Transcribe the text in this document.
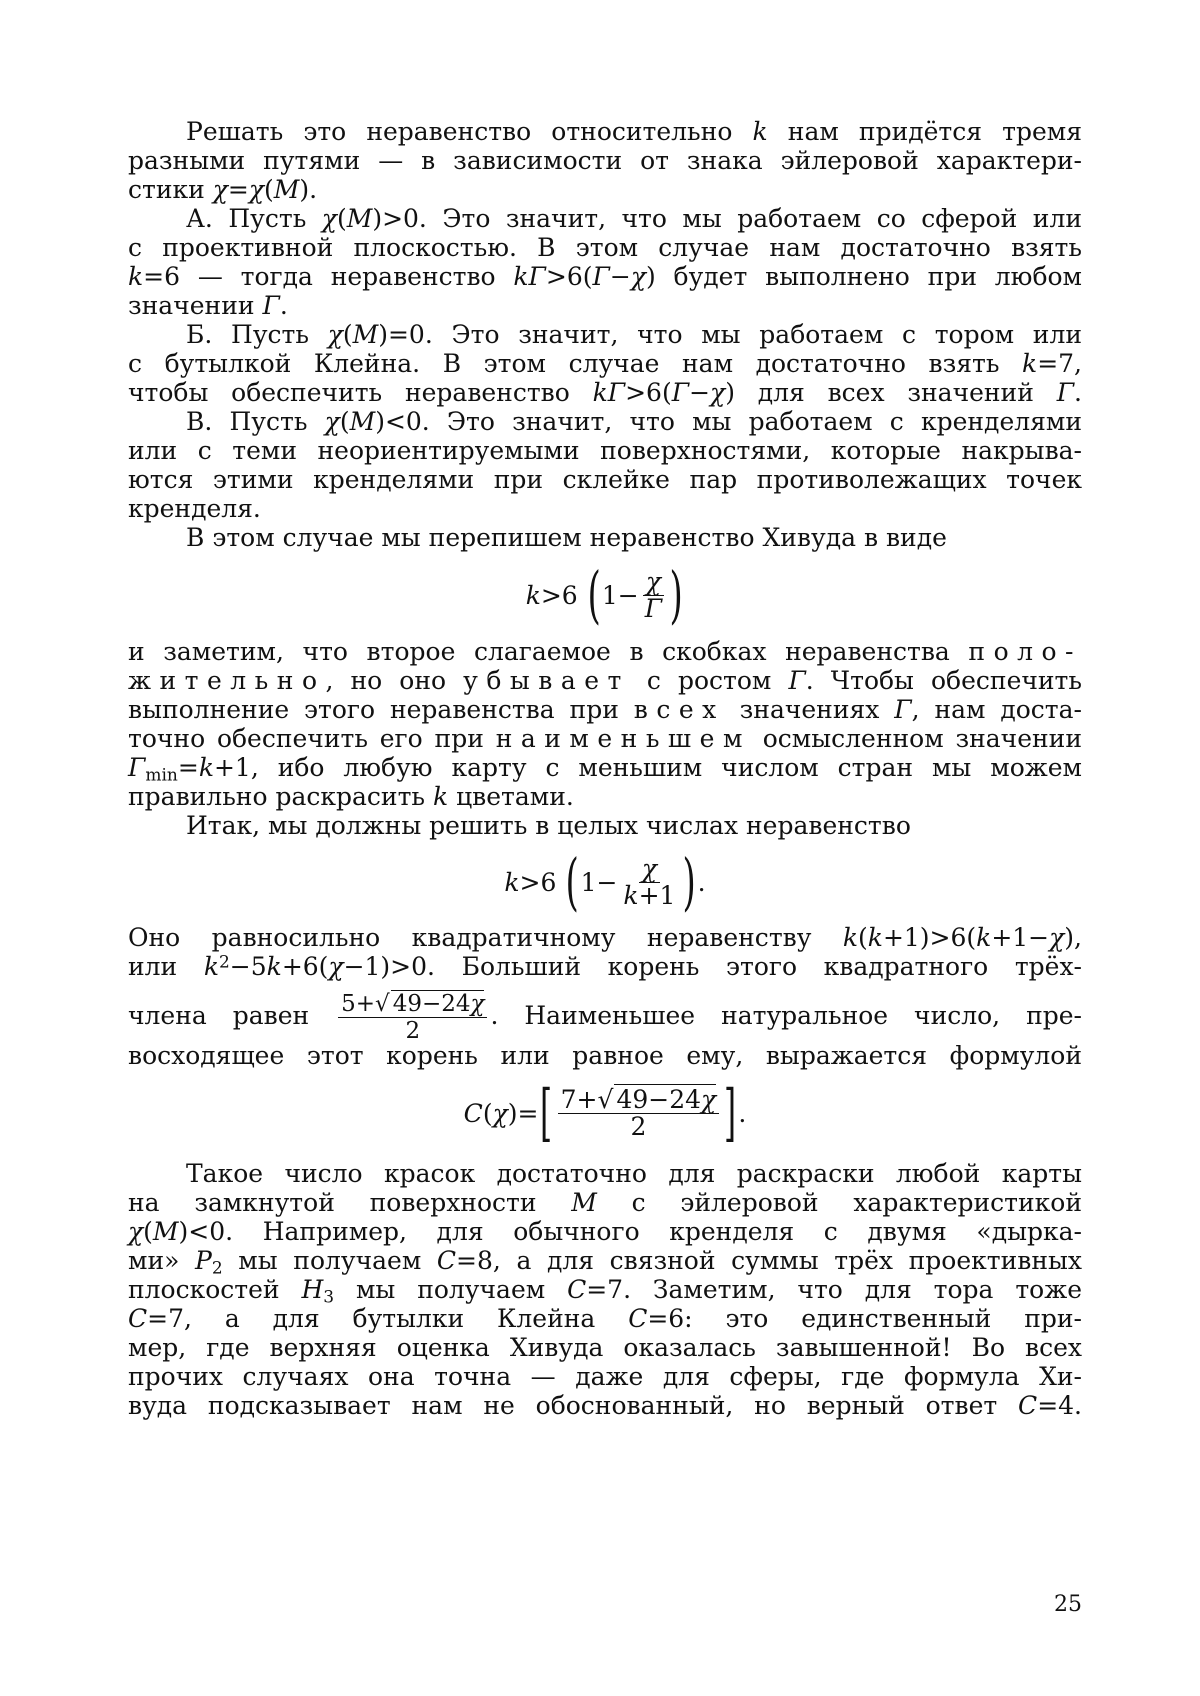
Решать это неравенство относительно k нам придётся тремя
разными путями — в зависимости от знака эйлеровой характери-
стики χ=χ(M).
А. Пусть χ(M)>0. Это значит, что мы работаем со сферой или
с проективной плоскостью. В этом случае нам достаточно взять
k=6 — тогда неравенство kΓ>6(Γ−χ) будет выполнено при любом
значении Γ.
Б. Пусть χ(M)=0. Это значит, что мы работаем с тором или
с бутылкой Клейна. В этом случае нам достаточно взять k=7,
чтобы обеспечить неравенство kΓ>6(Γ−χ) для всех значений Γ.
В. Пусть χ(M)<0. Это значит, что мы работаем с кренделями
или с теми неориентируемыми поверхностями, которые накрыва-
ются этими кренделями при склейке пар противолежащих точек
кренделя.
В этом случае мы перепишем неравенство Хивуда в виде
k >6 ( $1- \frac{\chi}{\Gamma}$ )
и заметим, что второе слагаемое в скобках неравенства поло-
жительно, но оно убывает с ростом Γ. Чтобы обеспечить
выполнение этого неравенства при всех значениях Γ, нам доста-
точно обеспечить его при наименьшем осмысленном значении
$\Gamma_{min}=k+1$, ибо любую карту с меньшим числом стран мы можем
правильно раскрасить k цветами.
Итак, мы должны решить в целых числах неравенство
k >6 ( $1- \frac{\chi}{k+1}$ ) .
Оно равносильно квадратичному неравенству k(k+1)>6(k+1−χ),
или $k^2-5k+6(\chi-1)>0$. Больший корень этого квадратного трёх-
члена равен $\frac{5+√ 49-24\chi}{2}$ . Наименьшее натуральное число, пре-
восходящее этот корень или равное ему, выражается формулой
C ( χ )= [ $\frac{7+√ 49-24\chi}{2}$ ] .
Такое число красок достаточно для раскраски любой карты
на замкнутой поверхности M с эйлеровой характеристикой
χ(M)<0. Например, для обычного кренделя с двумя «дырка-
ми» $P_2$ мы получаем C=8, а для связной суммы трёх проективных
плоскостей $H_3$ мы получаем C=7. Заметим, что для тора тоже
C=7, а для бутылки Клейна C=6: это единственный при-
мер, где верхняя оценка Хивуда оказалась завышенной! Во всех
прочих случаях она точна — даже для сферы, где формула Хи-
вуда подсказывает нам не обоснованный, но верный ответ C=4.
25
